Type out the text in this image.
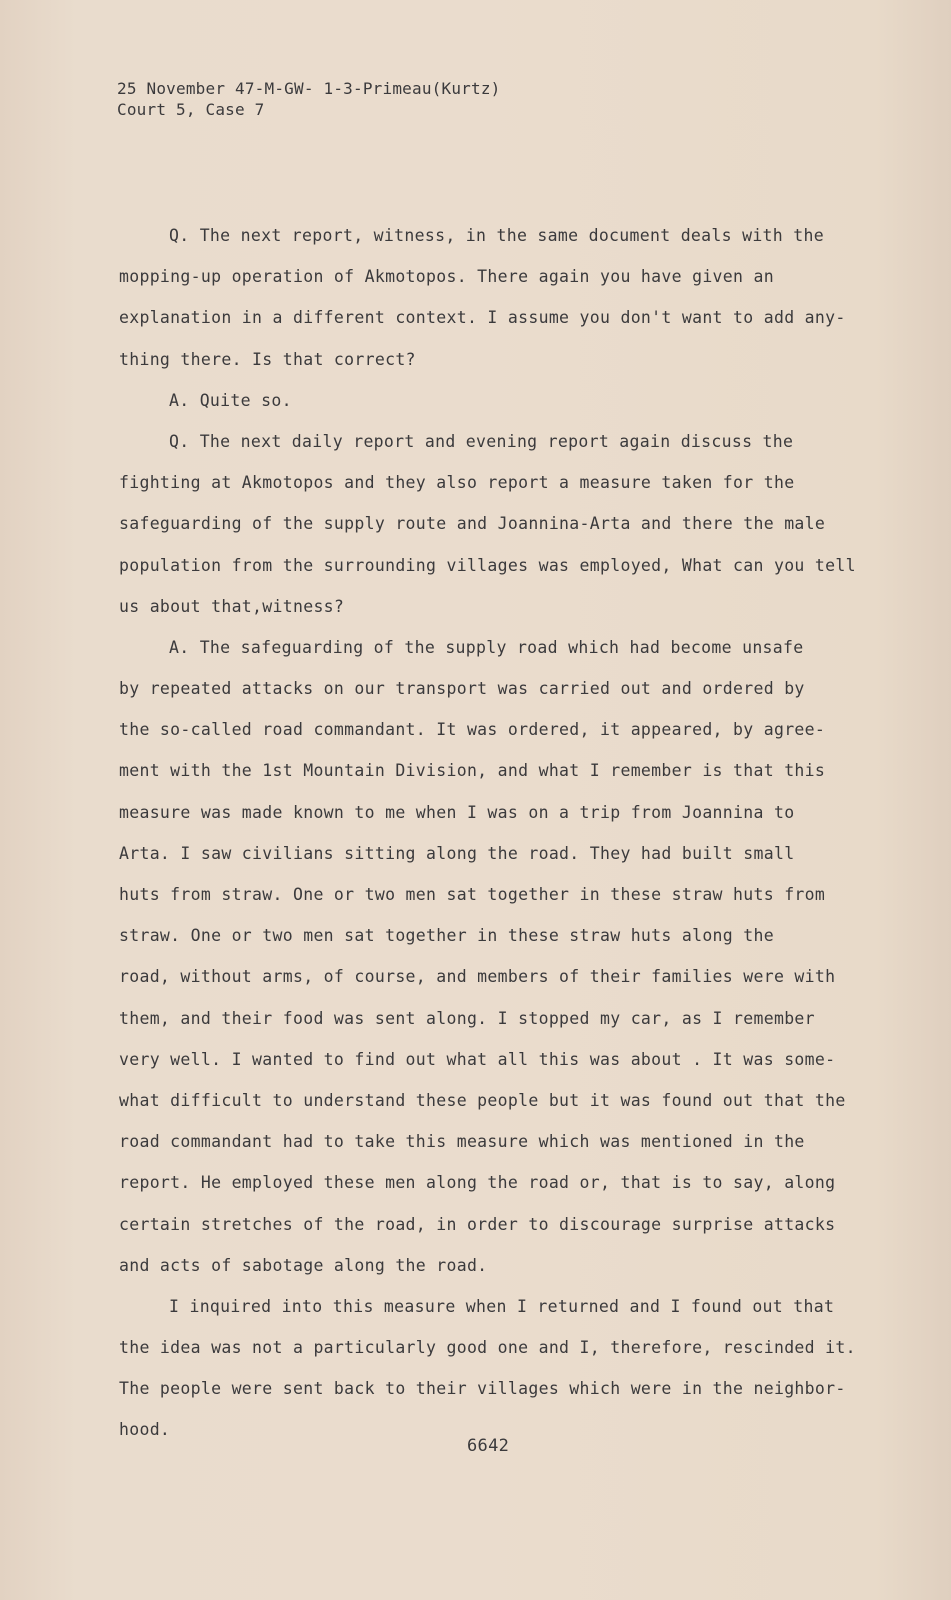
25 November 47-M-GW- 1-3-Primeau(Kurtz)
Court 5, Case 7
Q. The next report, witness, in the same document deals with the
mopping-up operation of Akmotopos. There again you have given an
explanation in a different context. I assume you don't want to add any-
thing there. Is that correct?
A. Quite so.
Q. The next daily report and evening report again discuss the
fighting at Akmotopos and they also report a measure taken for the
safeguarding of the supply route and Joannina-Arta and there the male
population from the surrounding villages was employed, What can you tell
us about that,witness?
A. The safeguarding of the supply road which had become unsafe
by repeated attacks on our transport was carried out and ordered by
the so-called road commandant. It was ordered, it appeared, by agree-
ment with the 1st Mountain Division, and what I remember is that this
measure was made known to me when I was on a trip from Joannina to
Arta. I saw civilians sitting along the road. They had built small
huts from straw. One or two men sat together in these straw huts from
straw. One or two men sat together in these straw huts along the
road, without arms, of course, and members of their families were with
them, and their food was sent along. I stopped my car, as I remember
very well. I wanted to find out what all this was about . It was some-
what difficult to understand these people but it was found out that the
road commandant had to take this measure which was mentioned in the
report. He employed these men along the road or, that is to say, along
certain stretches of the road, in order to discourage surprise attacks
and acts of sabotage along the road.
I inquired into this measure when I returned and I found out that
the idea was not a particularly good one and I, therefore, rescinded it.
The people were sent back to their villages which were in the neighbor-
hood.
6642
